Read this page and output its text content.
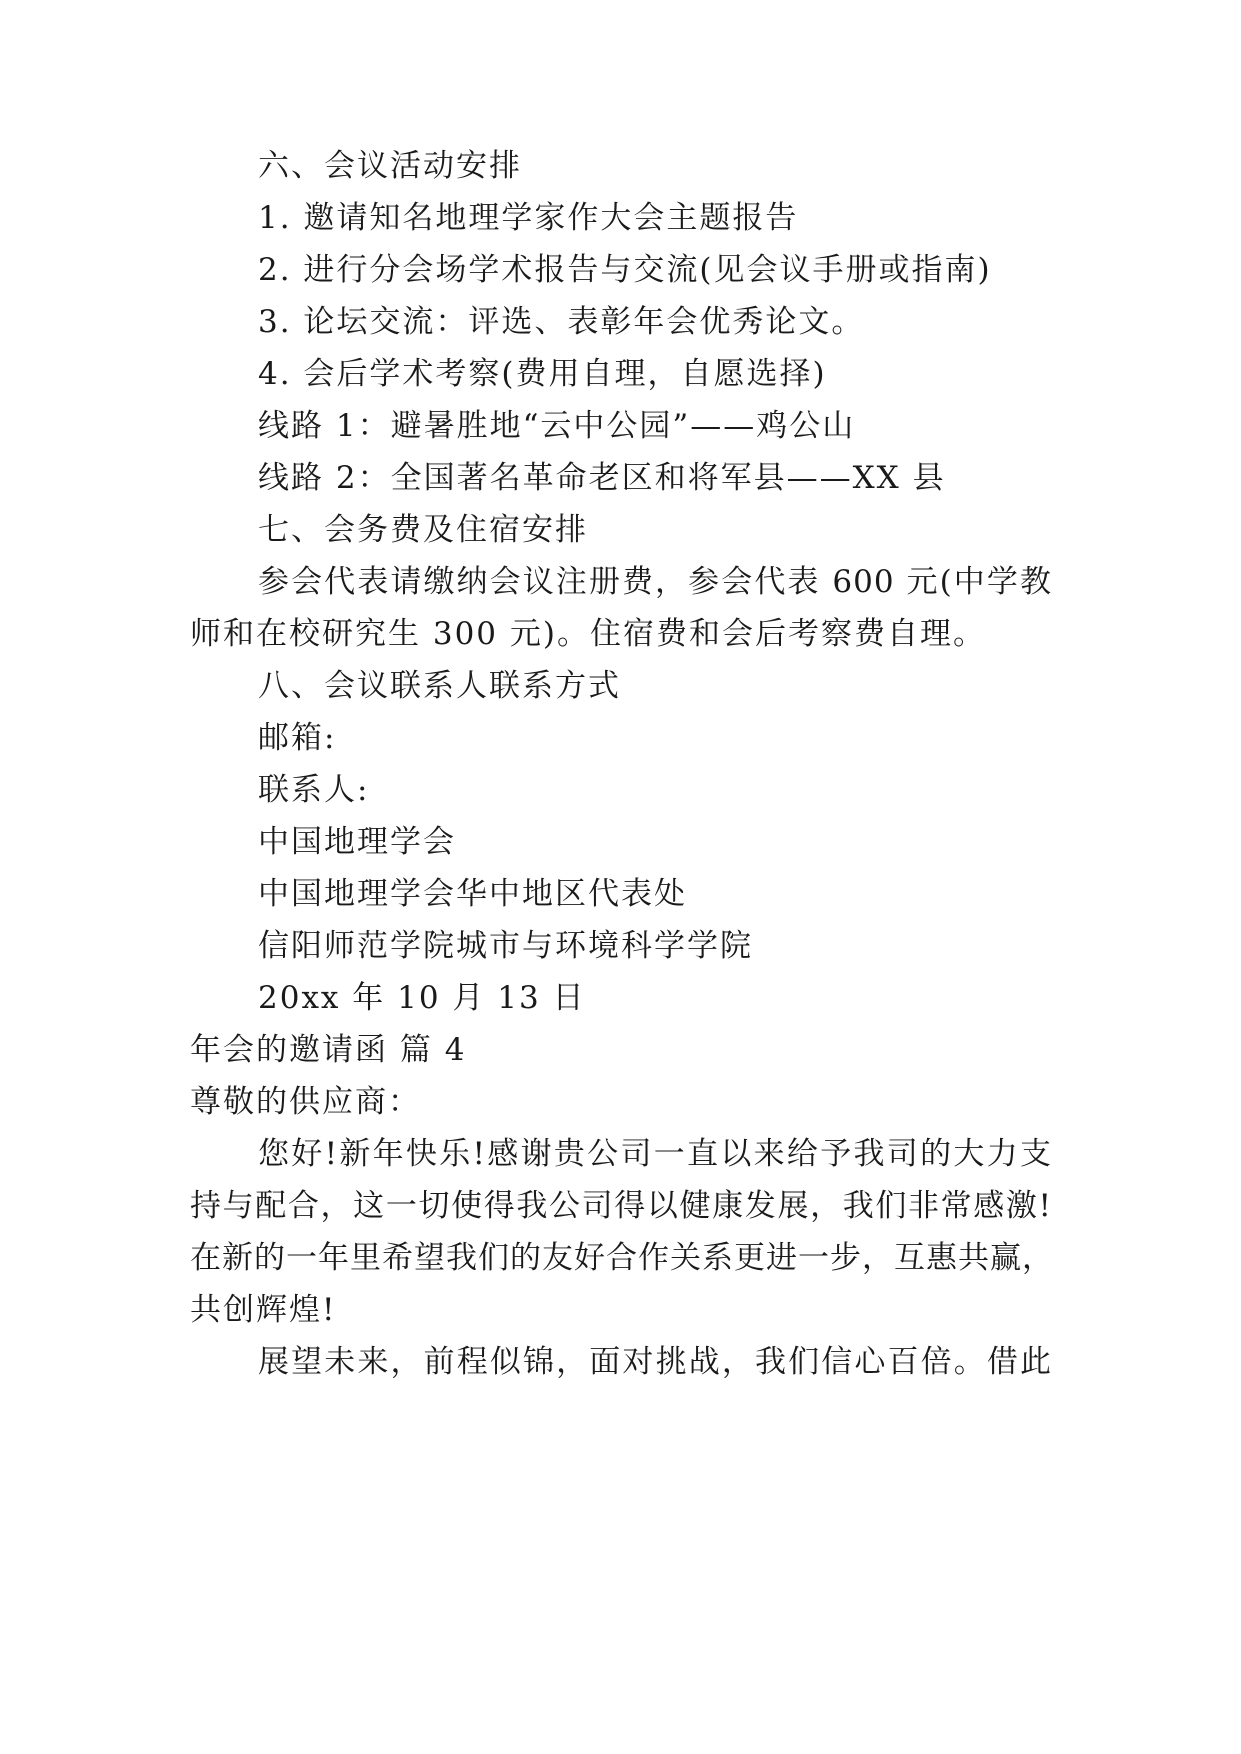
六、会议活动安排
1. 邀请知名地理学家作大会主题报告
2. 进行分会场学术报告与交流(见会议手册或指南)
3. 论坛交流：评选、表彰年会优秀论文。
4. 会后学术考察(费用自理，自愿选择)
线路 1：避暑胜地“云中公园”——鸡公山
线路 2：全国著名革命老区和将军县——XX 县
七、会务费及住宿安排
参会代表请缴纳会议注册费，参会代表 600 元(中学教
师和在校研究生 300 元)。住宿费和会后考察费自理。
八、会议联系人联系方式
邮箱:
联系人:
中国地理学会
中国地理学会华中地区代表处
信阳师范学院城市与环境科学学院
20xx 年 10 月 13 日
年会的邀请函 篇 4
尊敬的供应商：
您好!新年快乐!感谢贵公司一直以来给予我司的大力支
持与配合，这一切使得我公司得以健康发展，我们非常感激!
在新的一年里希望我们的友好合作关系更进一步，互惠共赢，
共创辉煌!
展望未来，前程似锦，面对挑战，我们信心百倍。借此
